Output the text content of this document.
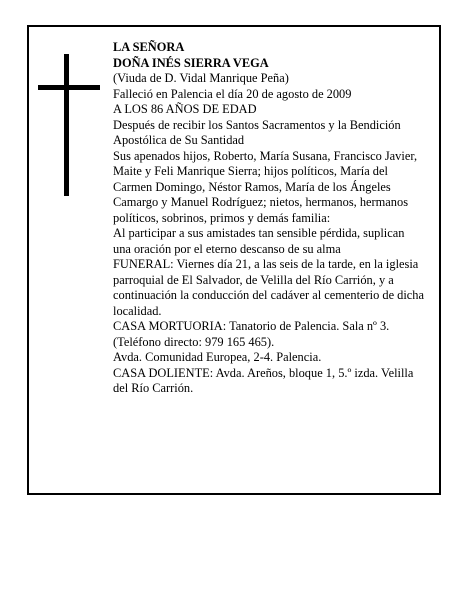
LA SEÑORA

DOÑA INÉS SIERRA VEGA

(Viuda de D. Vidal Manrique Peña)

Falleció en Palencia el día 20 de agosto de 2009

A LOS 86 AÑOS DE EDAD

Después de recibir los Santos Sacramentos y la Bendición Apostólica de Su Santidad

Sus apenados hijos, Roberto, María Susana, Francisco Javier, Maite y Feli Manrique Sierra; hijos políticos, María del Carmen Domingo, Néstor Ramos, María de los Ángeles Camargo y Manuel Rodríguez; nietos, hermanos, hermanos políticos, sobrinos, primos y demás familia:

Al participar a sus amistades tan sensible pérdida, suplican una oración por el eterno descanso de su alma

FUNERAL: Viernes día 21, a las seis de la tarde, en la iglesia parroquial de El Salvador, de Velilla del Río Carrión, y a continuación la conducción del cadáver al cementerio de dicha localidad.

CASA MORTUORIA: Tanatorio de Palencia. Sala nº 3. (Teléfono directo: 979 165 465).

Avda. Comunidad Europea, 2-4. Palencia.

CASA DOLIENTE: Avda. Areños, bloque 1, 5.º izda. Velilla del Río Carrión.
